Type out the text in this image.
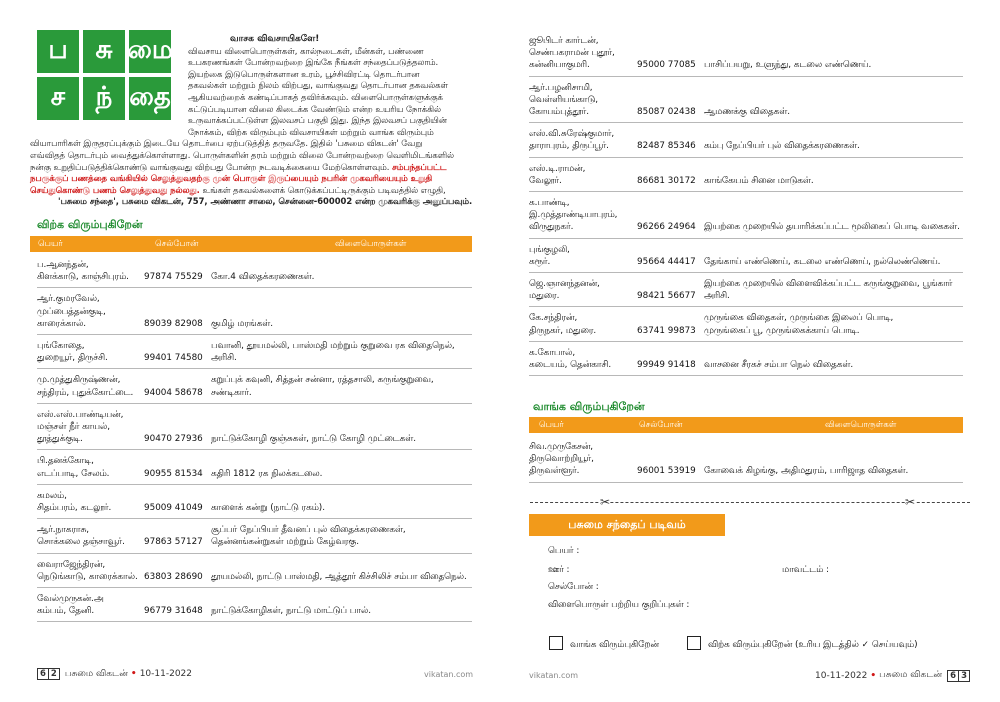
ப	சு மை
ச	ந் தை
வாசக விவசாயிகளே!
விவசாய விளைபொருள்கள், கால்நடைகள், மீன்கள், பண்ணை
உபகரணங்கள் போன்றவற்றை இங்கே நீங்கள் சந்தைப்படுத்தலாம்.
இயற்கை இடுபொருள்களான உரம், பூச்சிவிரட்டி தொடர்பான
தகவல்கள் மற்றும் நிலம் விற்பது, வாங்குவது தொடர்பான தகவல்கள்
ஆகியவற்றைக் கண்டிப்பாகத் தவிர்க்கவும். விளைபொருள்களுக்குக்
கட்டுப்படியான விலை கிடைக்க வேண்டும் என்ற உயரிய நோக்கில்
உருவாக்கப்பட்டுள்ள இலவசப் பகுதி இது. இந்த இலவசப் பகுதியின்
நோக்கம், விற்க விரும்பும் விவசாயிகள் மற்றும் வாங்க விரும்பும்
வியாபாரிகள் இருதரப்புக்கும் இடையே தொடர்பை ஏற்படுத்தித் தருவதே. இதில் 'பசுமை விகடன்' வேறு
எவ்விதத் தொடர்பும் வைத்துக்கொள்ளாது. பொருள்களின் தரம் மற்றும் விலை போன்றவற்றை வெளிமிடங்களில்
நன்கு உறுதிப்படுத்திக்கொண்டு வாங்குவது விற்பது போன்ற நடவடிக்கையை மேற்கொள்ளவும். சம்பந்தப்பட்ட
நபருக்குப் பணத்தை வங்கியில் செலுத்துவதற்கு முன் பொருள் இருப்பையும் நபரின் முகவரியையும் உறுதி
செய்துகொண்டு பணம் செலுத்துவது நல்லது. உங்கள் தகவல்களைக் கொடுக்கப்பட்டிருக்கும் படிவத்தில் எழுதி,
'பசுமை சந்தை', பசுமை விகடன், 757, அண்ணா சாலை, சென்னை-600002 என்ற முகவரிக்கு அனுப்பவும்.
விற்க விரும்புகிறேன்
பெயர்	செல்போன்	விளைபொருள்கள்
ப.ஆனந்தன்,
கிளக்காடு, காஞ்சிபுரம். 97874 75529 கோ.4 விதைக்கரணைகள்.
ஆர்.குமரவேல்,
முப்பைத்தன்குடி,
காரைக்கால்.	89039 82908 குமிழ் மரங்கள்.
புங்கோதை,
துறையூர், திருச்சி.	99401 74580
பவானி, தூயமல்லி, பாஸ்மதி மற்றும் குறுவை ரக விதைநெல், அரிசி.
மு.முத்துகிருஷ்ணன்,
சந்திரம், புதுக்கோட்டை. 94004 58678
கறுப்புக் கவுனி, சித்தன் சன்னா, ரத்தசாலி, கருங்குறுவை, சண்டிகார்.
எஸ்.எஸ்.பாண்டியன்,
மஞ்சள் நீர் காயல்,
தூத்துக்குடி.	90470 27936 நாட்டுக்கோழி குஞ்சுகள், நாட்டு கோழி முட்டைகள்.
பி.தனக்கோடி,
எடப்பாடி, சேலம்.	90955 81534 கதிரி 1812 ரக நிலக்கடலை.
கமலம்,
சிதம்பரம், கடலூர்.	95009 41049 காளைக் கன்று (நாட்டு ரகம்).
ஆர்.நாகராசு,
சொக்கலை தஞ்சாவூர். 97863 57127
சூப்பர் நேப்பியர் தீவனப் புல் விதைக்கரணைகள்,
தென்னங்கன்றுகள் மற்றும் கேழ்வரகு.
வைராஜேந்திரன்,
நெடுங்காடு, காரைக்கால். 63803 28690 தூயமல்லி, நாட்டு பாஸ்மதி, ஆத்தூர் கிச்சிலிச் சம்பா விதைநெல்.
வேல்முருகன்.அ
கம்பம், தேனி.	96779 31648 நாட்டுக்கோழிகள், நாட்டு மாட்டுப் பால்.
6 2 பசுமை விகடன் • 10-11-2022	vikatan.com
ஜூபிடர் கார்டன்,
செண்பகராமன் புதூர்,
கன்னியாகுமரி.	95000 77085 பாசிப்பயறு, உளுந்து, கடலை எண்ணெய்.
ஆர்.பழனிசாமி,
வெள்ளியங்காடு,
கோயம்புத்தூர்.	85087 02438 ஆமணக்கு விதைகள்.
எஸ்.வி.சுரேஷ்குமார்,
தாராபுரம், திருப்பூர்.	82487 85346 கம்பு நேப்பியர் புல் விதைக்கரணைகள்.
எஸ்.டி.ராமன்,
வேலூர்.	86681 30172 காங்கேயம் சினை மாடுகள்.
க.பாண்டி,
இ.முத்தாண்டியாபுரம்,
விருதுநகர்.	96266 24964 இயற்கை முறையில் தயாரிக்கப்பட்ட மூலிகைப் பொடி வகைகள்.
புங்குழலி,
கரூர்.	95664 44417 தேங்காய் எண்ணெய், கடலை எண்ணெய், நல்லெண்ணெய்.
ஜெ.ஞானந்தனன்,
மதுரை.	98421 56677
இயற்கை முறையில் விளைவிக்கப்பட்ட கருங்குறுவை, பூங்கார் அரிசி.
கே.சந்திரன்,
திருநகர், மதுரை.	63741 99873
முருங்கை விதைகள், முருங்கை இலைப் பொடி,
முருங்கைப் பூ, முருங்கைக்காய் பொடி.
க.கோபால்,
கடையம், தென்காசி.	99949 91418 வாசனை சீரகச் சம்பா நெல் விதைகள்.
வாங்க விரும்புகிறேன்
பெயர்	செல்போன்	விளைபொருள்கள்
சிவ.முருகேசன்,
திருவொற்றியூர்,
திருவள்ளூர்.	96001 53919 கோவைக் கிழங்கு, அதிமதுரம், பாரிஜாத விதைகள்.
✂	✂
பசுமை சந்தைப் படிவம்
பெயர் :
ஊர் :	மாவட்டம் :
செல்போன் :
விளைபொருள் பற்றிய குறிப்புகள் :
வாங்க விரும்புகிறேன்	விற்க விரும்புகிறேன் (உரிய இடத்தில் ✓ செய்யவும்)
vikatan.com	10-11-2022 • பசுமை விகடன் 6 3
